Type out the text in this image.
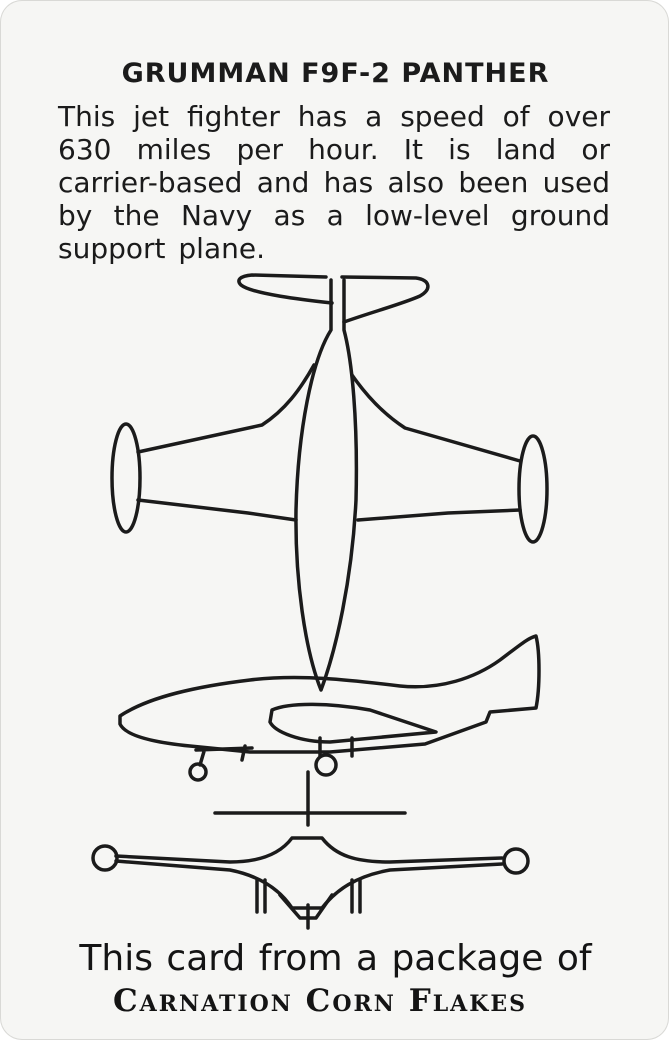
GRUMMAN F9F-2 PANTHER

This jet fighter has a speed of over 630 miles per hour. It is land or carrier-based and has also been used by the Navy as a low-level ground support plane.

This card from a package of

Carnation Corn Flakes
